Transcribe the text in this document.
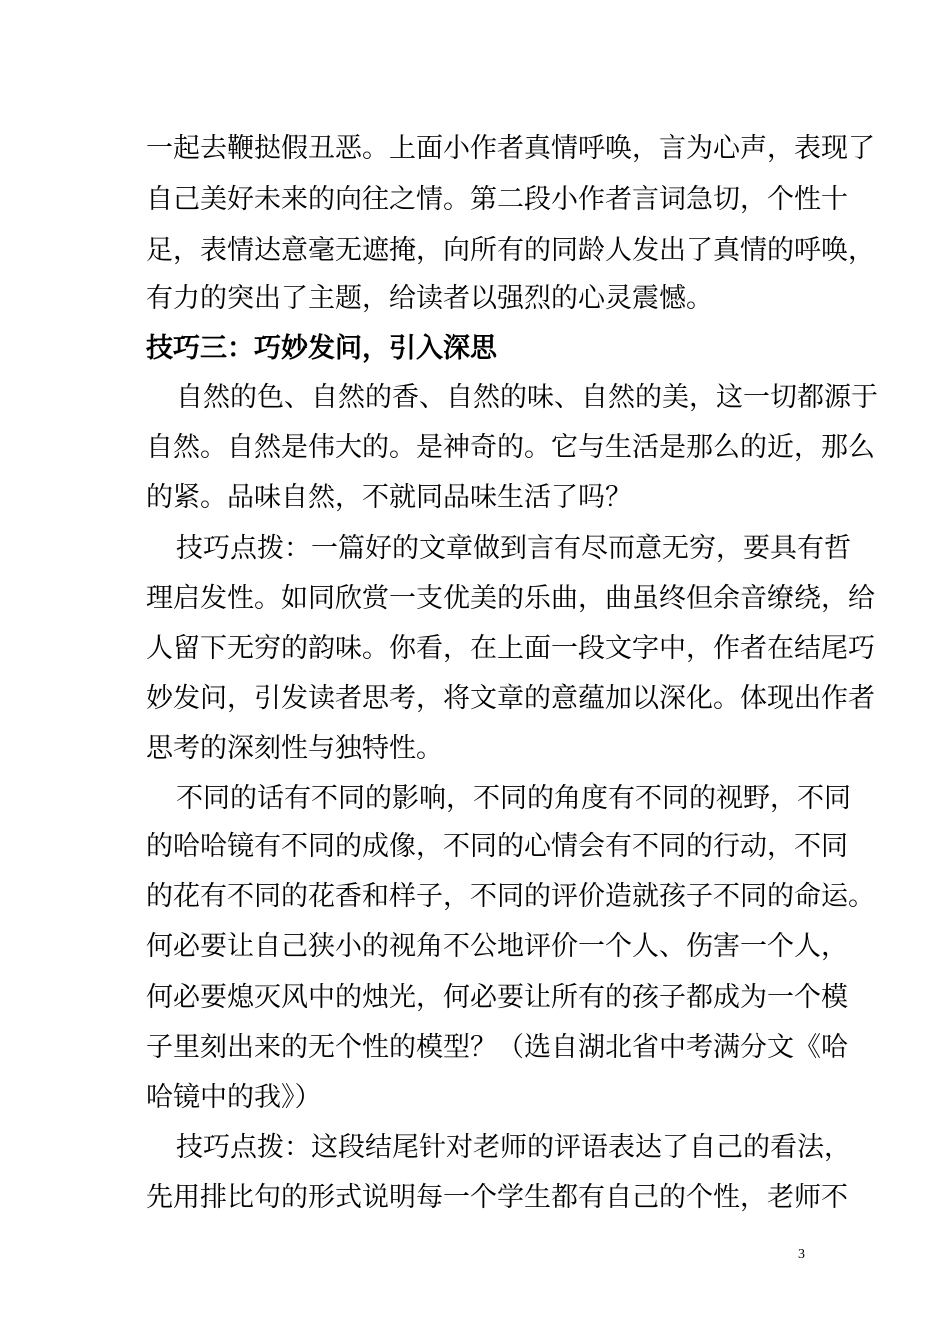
一起去鞭挞假丑恶。上面小作者真情呼唤，言为心声，表现了
自己美好未来的向往之情。第二段小作者言词急切，个性十
足，表情达意毫无遮掩，向所有的同龄人发出了真情的呼唤，
有力的突出了主题，给读者以强烈的心灵震憾。
技巧三：巧妙发问，引入深思
自然的色、自然的香、自然的味、自然的美，这一切都源于
自然。自然是伟大的。是神奇的。它与生活是那么的近，那么
的紧。品味自然，不就同品味生活了吗？
技巧点拨：一篇好的文章做到言有尽而意无穷，要具有哲
理启发性。如同欣赏一支优美的乐曲，曲虽终但余音缭绕，给
人留下无穷的韵味。你看，在上面一段文字中，作者在结尾巧
妙发问，引发读者思考，将文章的意蕴加以深化。体现出作者
思考的深刻性与独特性。
不同的话有不同的影响，不同的角度有不同的视野，不同
的哈哈镜有不同的成像，不同的心情会有不同的行动，不同
的花有不同的花香和样子，不同的评价造就孩子不同的命运。
何必要让自己狭小的视角不公地评价一个人、伤害一个人，
何必要熄灭风中的烛光，何必要让所有的孩子都成为一个模
子里刻出来的无个性的模型？（选自湖北省中考满分文《哈
哈镜中的我》）
技巧点拨：这段结尾针对老师的评语表达了自己的看法，
先用排比句的形式说明每一个学生都有自己的个性，老师不
3
